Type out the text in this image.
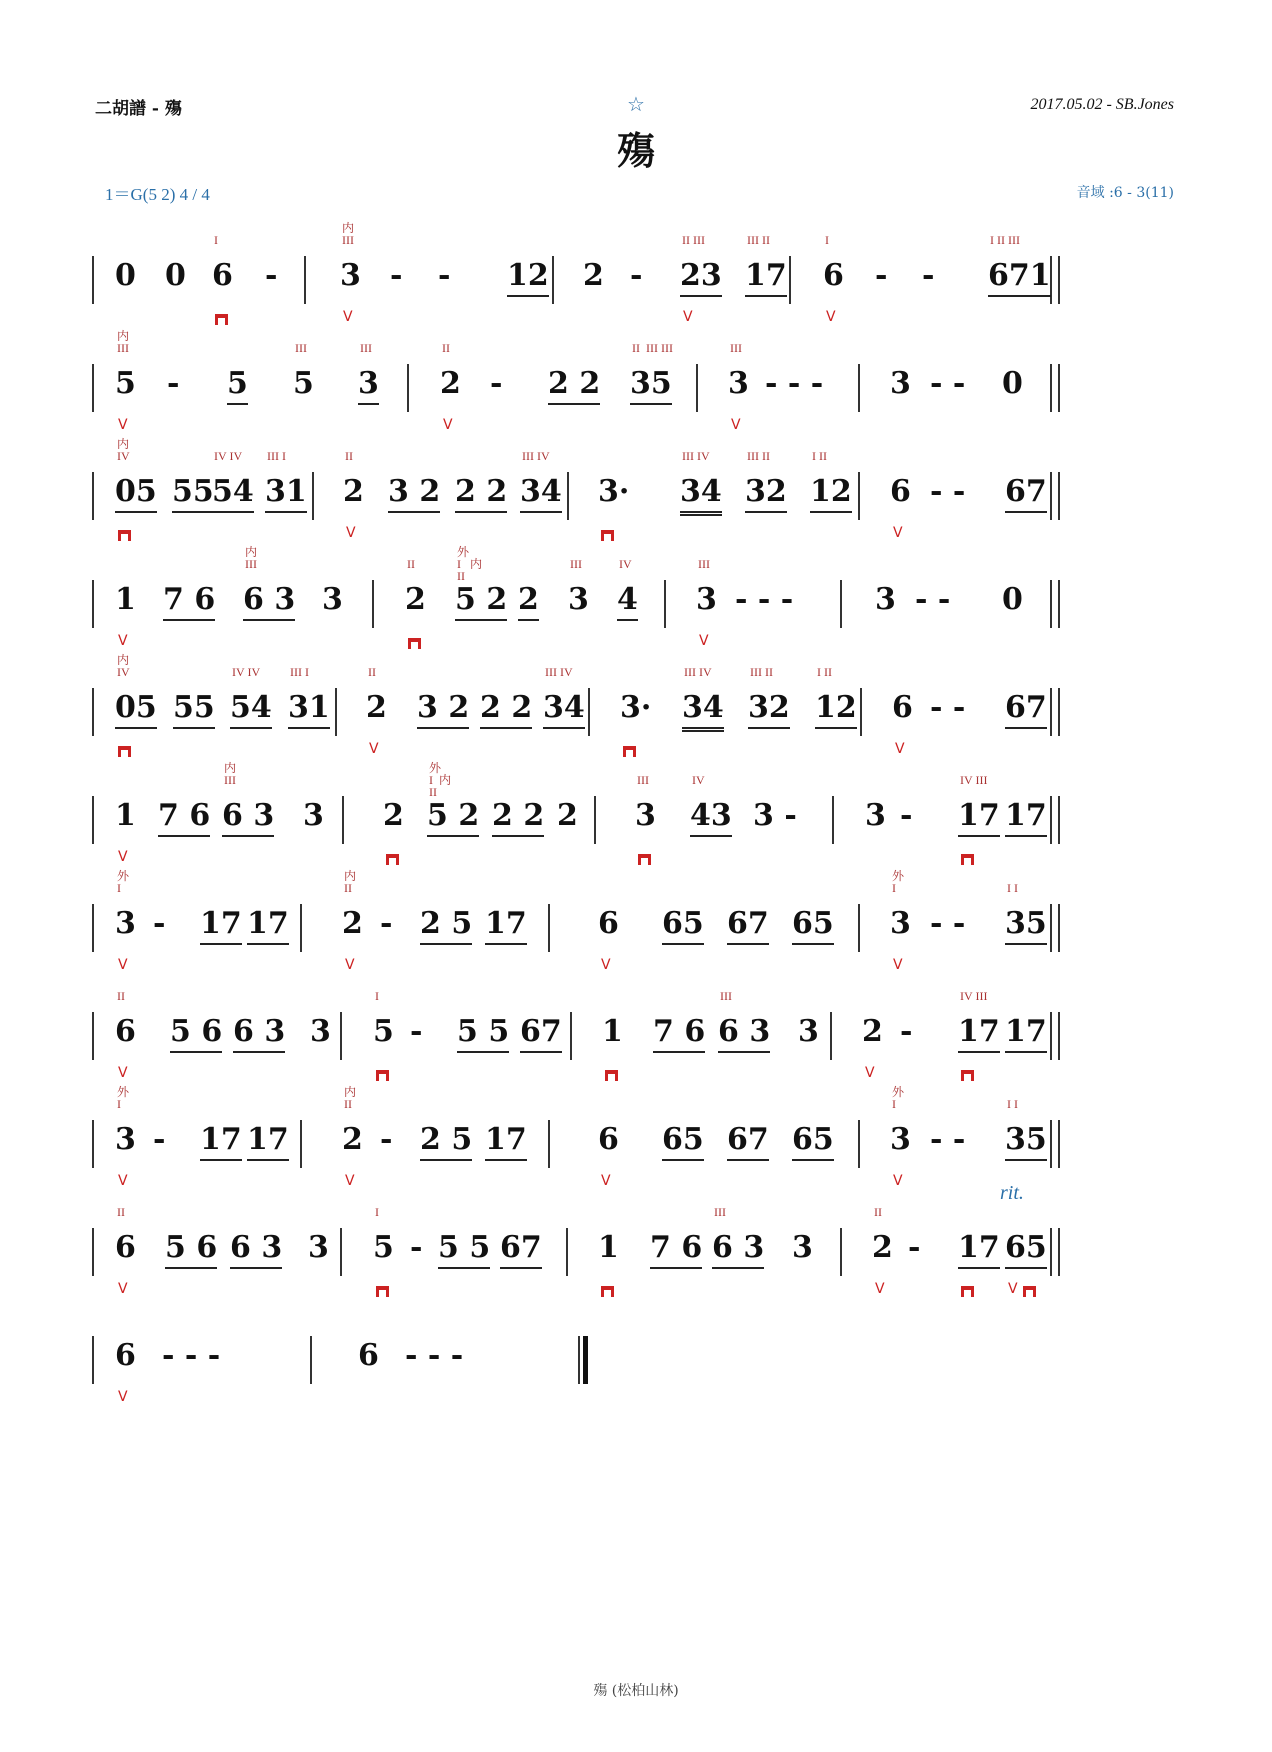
二胡譜 - 殤	2017.05.02 - SB.Jones
☆
殤
1＝G(5 2) 4 / 4	音域 :6 - 3(11)
0 0 6
I
- 3
内
III
V
- - 12 2 - 23
II III
V
17
III II
6
I
V
- - 671
I II III
5
内
III
V
- 5 5
III
3
III
2
II
V
- 2 2 35
II  III III
3
III
V
- - - 3 - - 0
05
内
IV
55
54
IV IV
31
III I
2
II
V
3 2 2 2 34
III IV
3· 34
III IV
32
III II
12
I II
6
V
- - 67
1
V
7 6 6 3
内
III
3 2
II
5 2
外
I   内
II
2 3
III
4
IV
3
III
V
- - -	3 - - 0
05
内
IV
55 54
IV IV
31
III I
2
II
V
3 2 2 2 34
III IV
3· 34
III IV
32
III II
12
I II
6
V
- - 67
1
V
7 6 6 3
内
III
3 2 5 2
外
I  内
II
2 2 2 3
III
43
IV
3 - 3 - 17
IV III
17
3
外
I
V
- 17 17 2
内
II
V
- 2 5 17 6
V
65 67 65 3
外
I
V
- - 35
I I
6
II
V
5 6 6 3 3 5
I
- 5 5 67 1 7 6 6 3
III
3 2
V
- 17
IV III
17
3
外
I
V
- 17 17 2
内
II
V
- 2 5 17 6
V
65 67 65 3
外
I
V
- - 35
I I
6
II
V
5 6 6 3 3 5
I
- 5 5 67 1 7 6 6 3
III
3 2
II
V
- 17 65
V
rit.
6
V
- - -	6 - - -
殤 (松柏山林)
